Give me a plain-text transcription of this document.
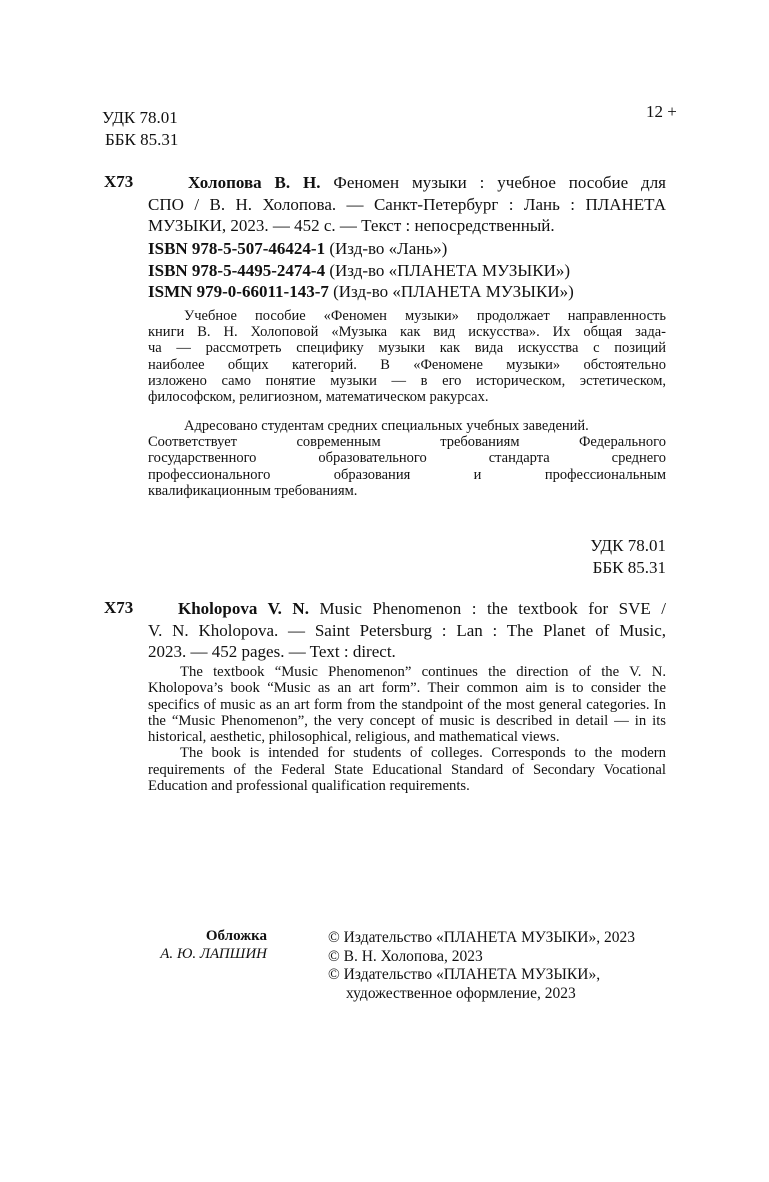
УДК 78.01
ББК 85.31
12 +
Х73	Холопова В. Н. Феномен музыки : учебное пособие для
СПО / В. Н. Холопова. — Санкт-Петербург : Лань : ПЛАНЕТА
МУЗЫКИ, 2023. — 452 с. — Текст : непосредственный.
ISBN 978-5-507-46424-1 (Изд-во «Лань»)
ISBN 978-5-4495-2474-4 (Изд-во «ПЛАНЕТА МУЗЫКИ»)
ISMN 979-0-66011-143-7 (Изд-во «ПЛАНЕТА МУЗЫКИ»)
Учебное пособие «Феномен музыки» продолжает направленность
книги В. Н. Холоповой «Музыка как вид искусства». Их общая зада-
ча — рассмотреть специфику музыки как вида искусства с позиций
наиболее общих категорий. В «Феномене музыки» обстоятельно
изложено само понятие музыки — в его историческом, эстетическом,
философском, религиозном, математическом ракурсах.
Адресовано студентам средних специальных учебных заведений.
Соответствует современным требованиям Федерального
государственного образовательного стандарта среднего
профессионального образования и профессиональным
квалификационным требованиям.
УДК 78.01
ББК 85.31
Х73	Kholopova V. N. Music Phenomenon : the textbook for SVE /
V. N. Kholopova. — Saint Petersburg : Lan : The Planet of Music,
2023. — 452 pages. — Text : direct.

The textbook “Music Phenomenon” continues the direction of the V. N. Kholopova’s book “Music as an art form”. Their common aim is to consider the specifics of music as an art form from the standpoint of the most general categories. In the “Music Phenomenon”, the very concept of music is described in detail — in its historical, aesthetic, philosophical, religious, and mathematical views.

The book is intended for students of colleges. Corresponds to the modern requirements of the Federal State Educational Standard of Secondary Vocational Education and professional qualification requirements.

Обложка
А. Ю. ЛАПШИН
© Издательство «ПЛАНЕТА МУЗЫКИ», 2023
© В. Н. Холопова, 2023
© Издательство «ПЛАНЕТА МУЗЫКИ»,
художественное оформление, 2023
